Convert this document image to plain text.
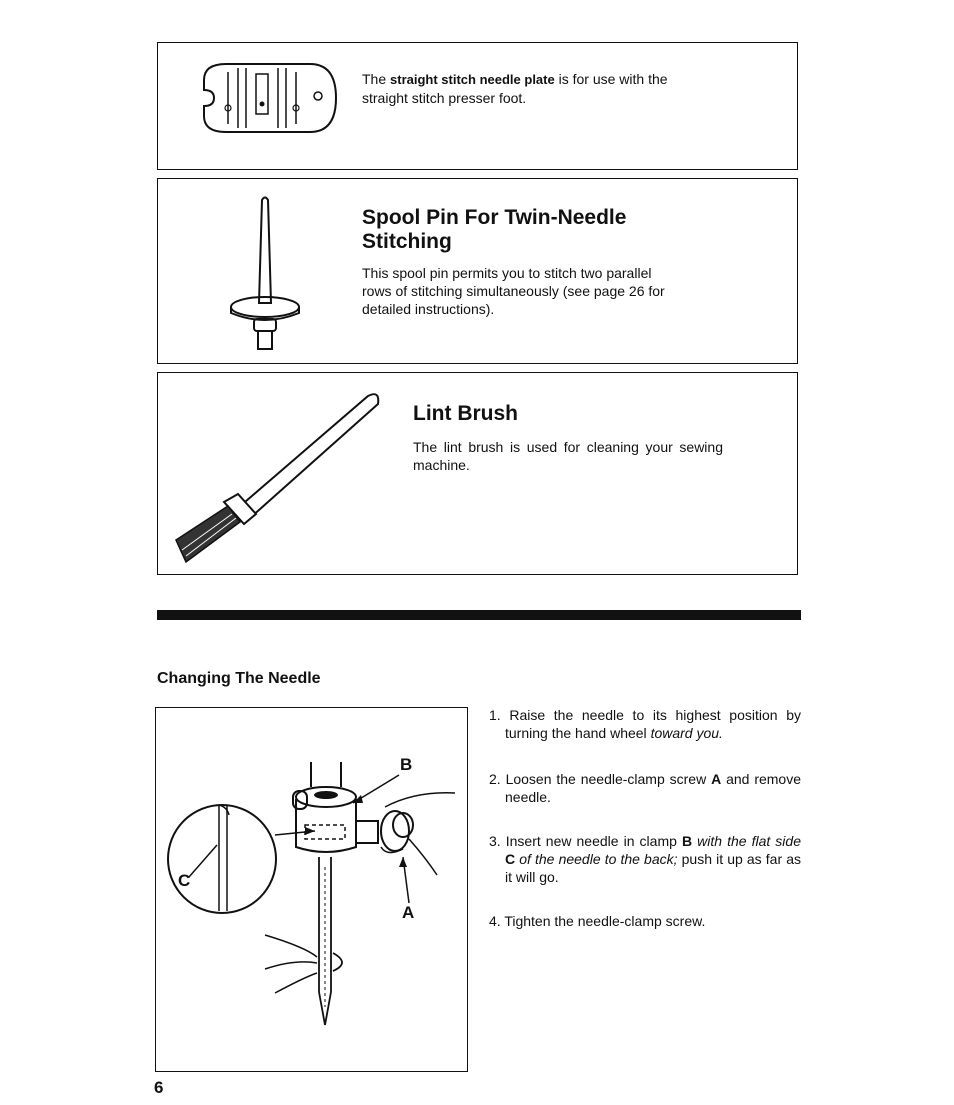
The straight stitch needle plate is for use with the straight stitch presser foot.
Spool Pin For Twin-Needle Stitching
This spool pin permits you to stitch two parallel rows of stitching simultaneously (see page 26 for detailed instructions).
Lint Brush
The lint brush is used for cleaning your sewing machine.
Changing The Needle
B
A
C
1. Raise the needle to its highest position by turning the hand wheel toward you.
2. Loosen the needle-clamp screw A and remove needle.
3. Insert new needle in clamp B with the flat side C of the needle to the back; push it up as far as it will go.
4. Tighten the needle-clamp screw.
6
